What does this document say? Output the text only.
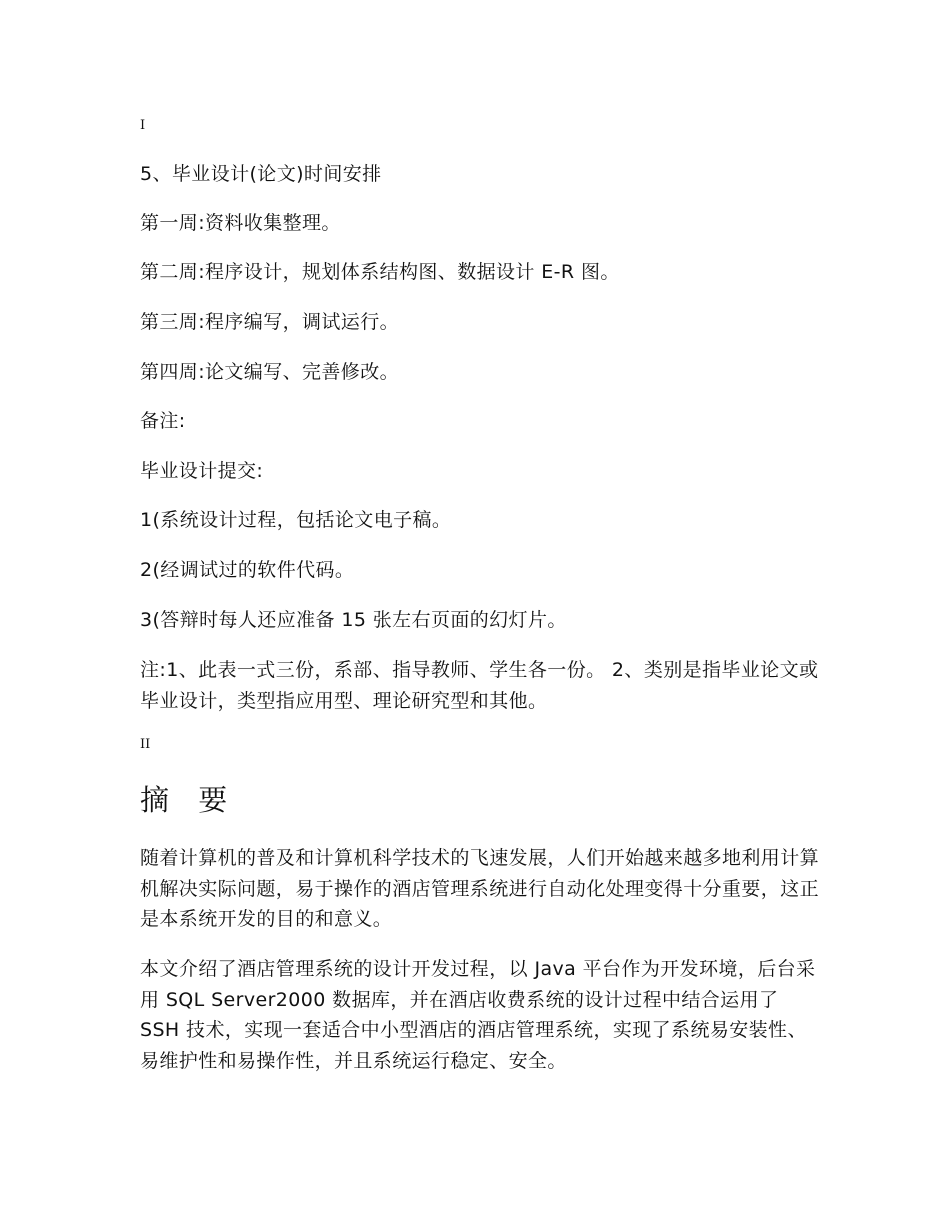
I
5、毕业设计(论文)时间安排
第一周:资料收集整理。
第二周:程序设计，规划体系结构图、数据设计 E-R 图。
第三周:程序编写，调试运行。
第四周:论文编写、完善修改。
备注:
毕业设计提交:
1(系统设计过程，包括论文电子稿。
2(经调试过的软件代码。
3(答辩时每人还应准备 15 张左右页面的幻灯片。
注:1、此表一式三份，系部、指导教师、学生各一份。 2、类别是指毕业论文或毕业设计，类型指应用型、理论研究型和其他。
II
摘 要
随着计算机的普及和计算机科学技术的飞速发展，人们开始越来越多地利用计算机解决实际问题，易于操作的酒店管理系统进行自动化处理变得十分重要，这正是本系统开发的目的和意义。
本文介绍了酒店管理系统的设计开发过程，以 Java 平台作为开发环境，后台采用 SQL Server2000 数据库，并在酒店收费系统的设计过程中结合运用了 SSH 技术，实现一套适合中小型酒店的酒店管理系统，实现了系统易安装性、易维护性和易操作性，并且系统运行稳定、安全。
